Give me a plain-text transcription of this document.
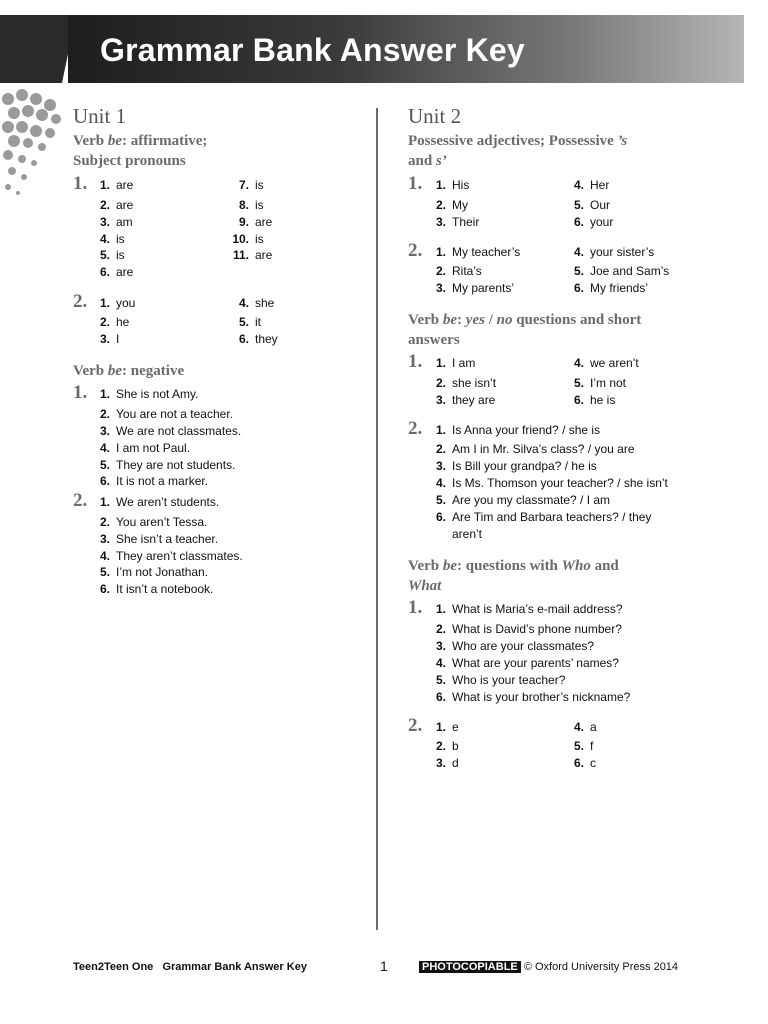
Grammar Bank Answer Key
Unit 1
Verb be: affirmative;
Subject pronouns
1.	1. are
2. are
3. am
4. is
5. is
6. are
7. is
8. is
9. are
10. is
11. are
2.	1. you
2. he
3. I
4. she
5. it
6. they
Verb be: negative
1.	1. She is not Amy.
2. You are not a teacher.
3. We are not classmates.
4. I am not Paul.
5. They are not students.
6. It is not a marker.
2.	1. We aren’t students.
2. You aren’t Tessa.
3. She isn’t a teacher.
4. They aren’t classmates.
5. I’m not Jonathan.
6. It isn’t a notebook.
Unit 2
Possessive adjectives; Possessive ’s
and s’
1.	1. His
2. My
3. Their
4. Her
5. Our
6. your
2.	1. My teacher’s
2. Rita’s
3. My parents’
4. your sister’s
5. Joe and Sam’s
6. My friends’
Verb be: yes / no questions and short
answers
1.	1. I am
2. she isn’t
3. they are
4. we aren’t
5. I’m not
6. he is
2.	1. Is Anna your friend? / she is
2. Am I in Mr. Silva’s class? / you are
3. Is Bill your grandpa? / he is
4. Is Ms. Thomson your teacher? / she isn’t
5. Are you my classmate? / I am
6. Are Tim and Barbara teachers? / they
aren’t
Verb be: questions with Who and
What
1.	1. What is Maria’s e-mail address?
2. What is David’s phone number?
3. Who are your classmates?
4. What are your parents’ names?
5. Who is your teacher?
6. What is your brother’s nickname?
2.	1. e
2. b
3. d
4. a
5. f
6. c
Teen2Teen One   Grammar Bank Answer Key	1	PHOTOCOPIABLE © Oxford University Press 2014
